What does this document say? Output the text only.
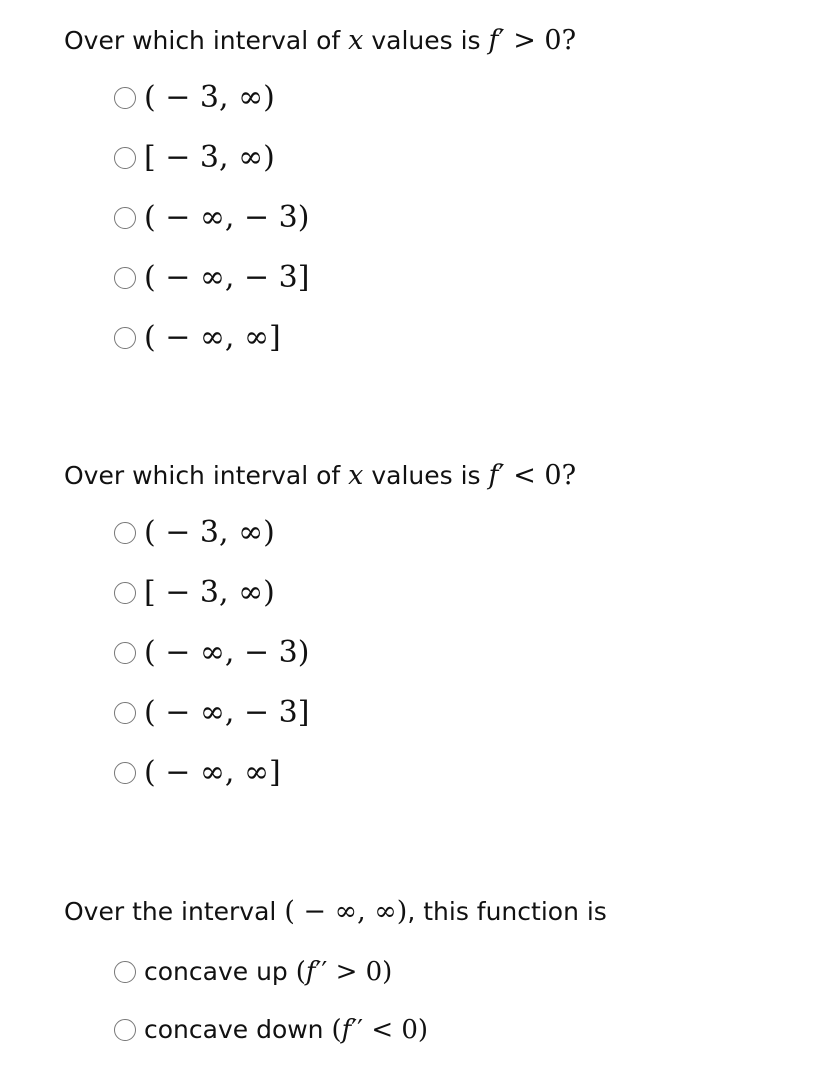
Over which interval of x values is f′ > 0?
( − 3, ∞)
[ − 3, ∞)
( − ∞, − 3)
( − ∞, − 3]
( − ∞, ∞]
Over which interval of x values is f′ < 0?
( − 3, ∞)
[ − 3, ∞)
( − ∞, − 3)
( − ∞, − 3]
( − ∞, ∞]
Over the interval ( − ∞, ∞), this function is
concave up (f′′ > 0)
concave down (f′′ < 0)
